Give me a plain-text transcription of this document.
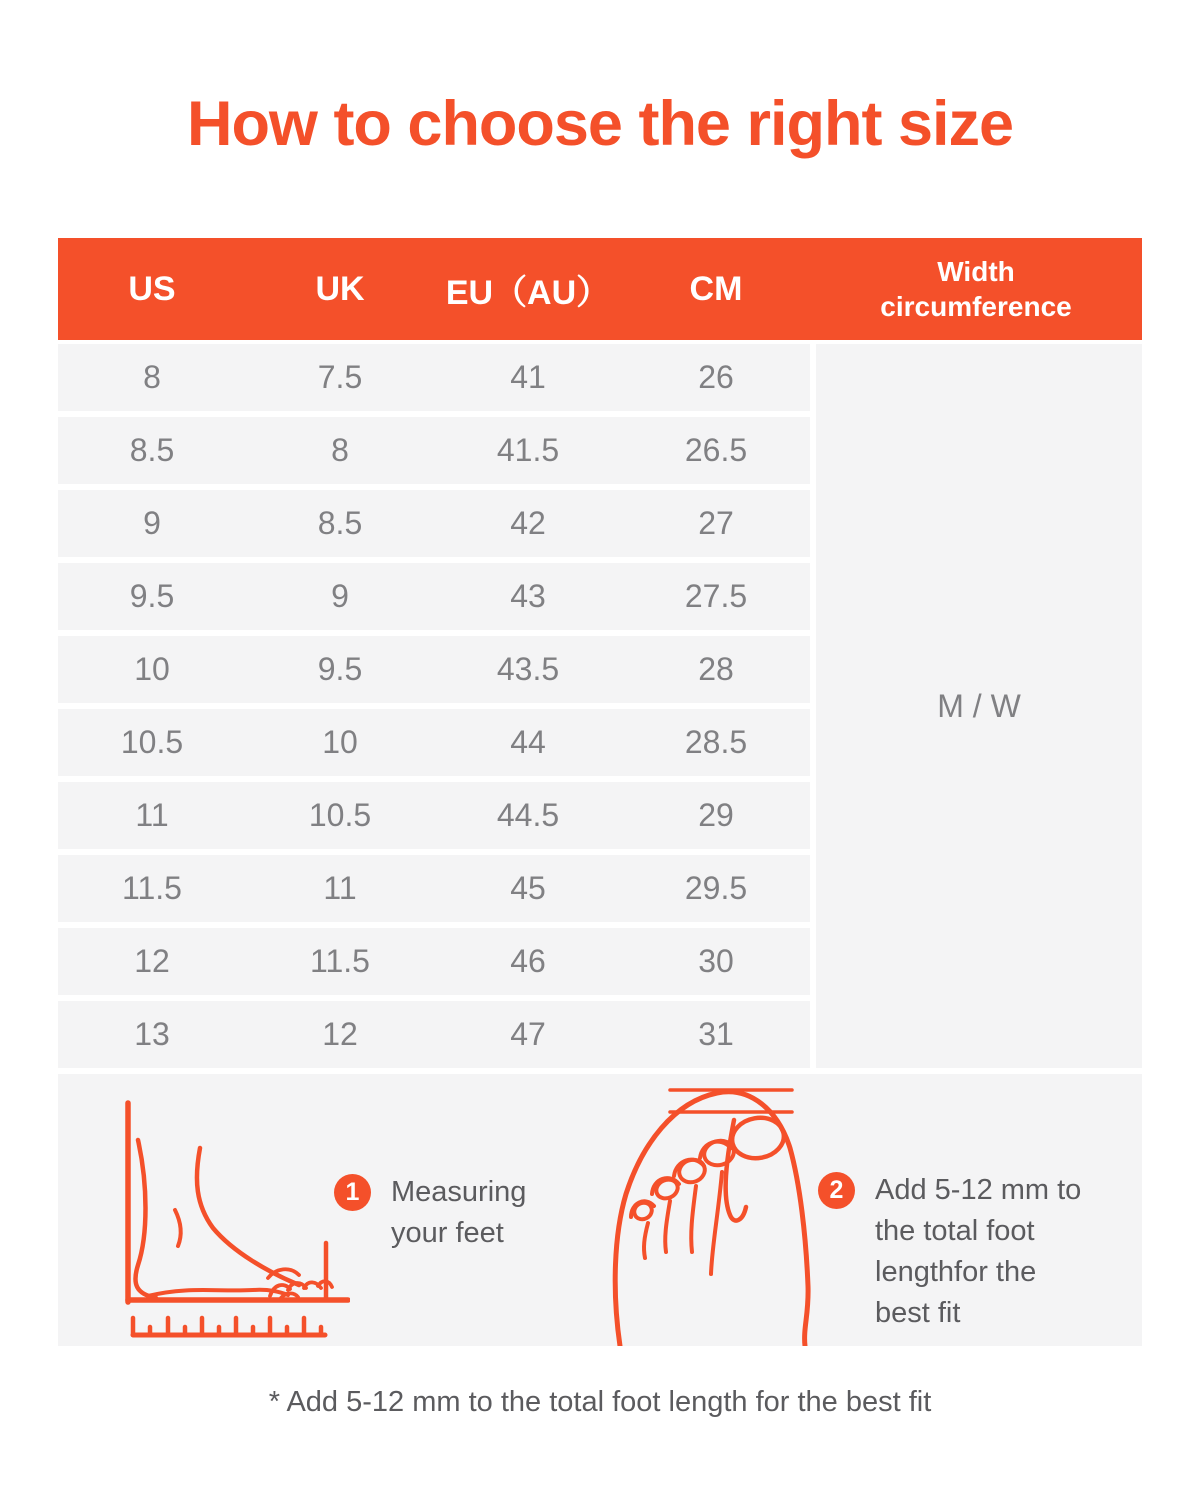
How to choose the right size
US	UK	EU（AU）	CM	Width circumference
8	7.5	41	26
8.5	8	41.5	26.5
9	8.5	42	27
9.5	9	43	27.5
10	9.5	43.5	28
10.5	10	44	28.5
11	10.5	44.5	29
11.5	11	45	29.5
12	11.5	46	30
13	12	47	31
M / W
1	Measuring
your feet
2	Add 5-12 mm to
the total foot
lengthfor the
best fit
* Add 5-12 mm to the total foot length for the best fit
